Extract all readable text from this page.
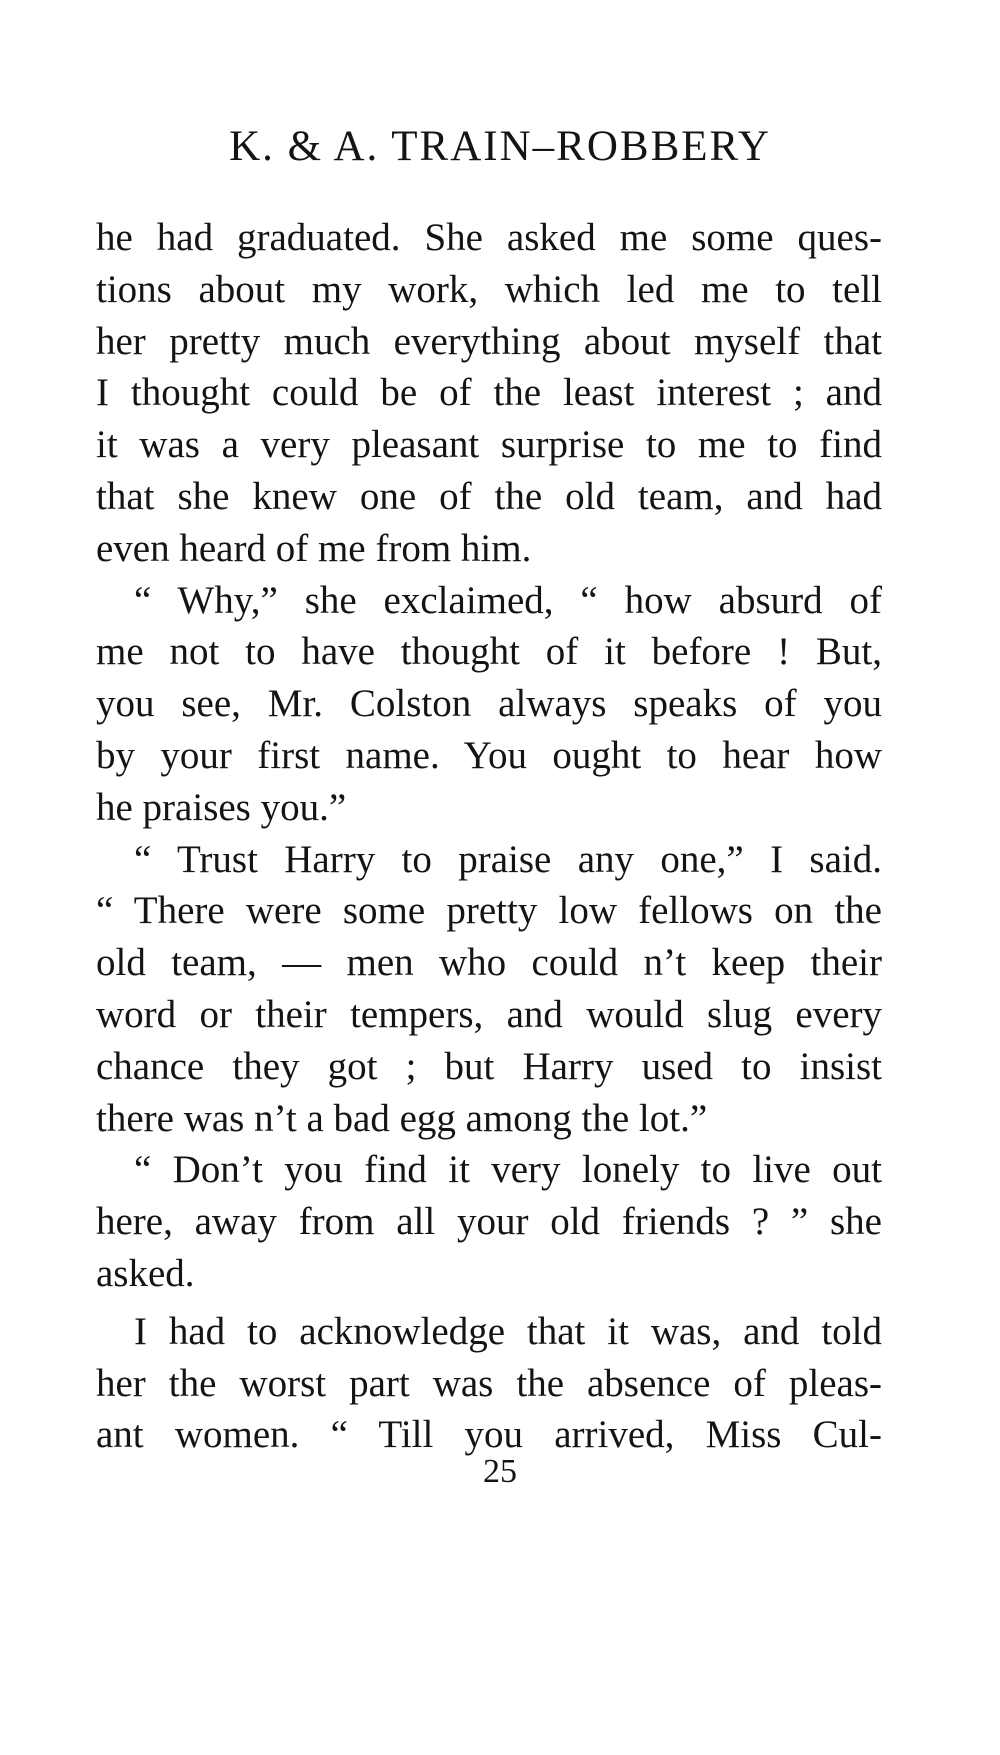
K. & A. TRAIN–ROBBERY
he had graduated. She asked me some ques-
tions about my work, which led me to tell
her pretty much everything about myself that
I thought could be of the least interest ; and
it was a very pleasant surprise to me to find
that she knew one of the old team, and had
even heard of me from him.
“ Why,” she exclaimed, “ how absurd of
me not to have thought of it before ! But,
you see, Mr. Colston always speaks of you
by your first name. You ought to hear how
he praises you.”
“ Trust Harry to praise any one,” I said.
“ There were some pretty low fellows on the
old team, — men who could n’t keep their
word or their tempers, and would slug every
chance they got ; but Harry used to insist
there was n’t a bad egg among the lot.”
“ Don’t you find it very lonely to live out
here, away from all your old friends ? ” she
asked.
I had to acknowledge that it was, and told
her the worst part was the absence of pleas-
ant women. “ Till you arrived, Miss Cul-
25
